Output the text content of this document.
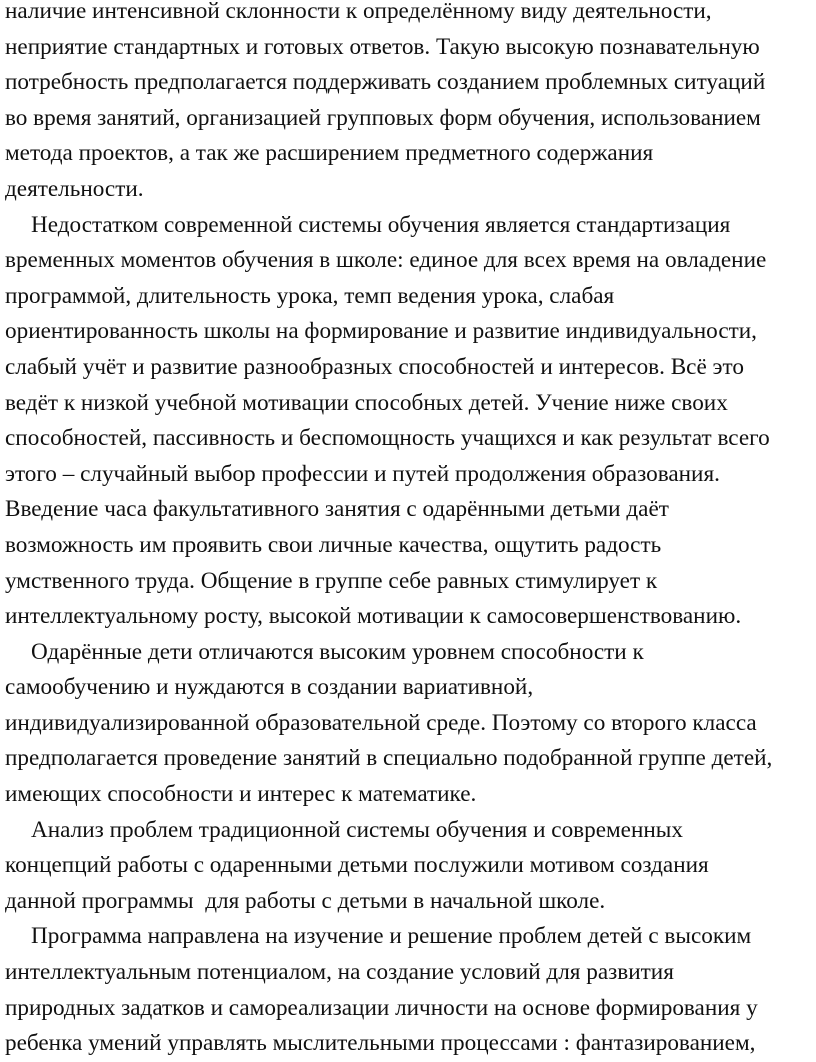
наличие интенсивной склонности к определённому виду деятельности,
неприятие стандартных и готовых ответов. Такую высокую познавательную
потребность предполагается поддерживать созданием проблемных ситуаций
во время занятий, организацией групповых форм обучения, использованием
метода проектов, а так же расширением предметного содержания
деятельности.
Недостатком современной системы обучения является стандартизация
временных моментов обучения в школе: единое для всех время на овладение
программой, длительность урока, темп ведения урока, слабая
ориентированность школы на формирование и развитие индивидуальности,
слабый учёт и развитие разнообразных способностей и интересов. Всё это
ведёт к низкой учебной мотивации способных детей. Учение ниже своих
способностей, пассивность и беспомощность учащихся и как результат всего
этого – случайный выбор профессии и путей продолжения образования.
Введение часа факультативного занятия с одарёнными детьми даёт
возможность им проявить свои личные качества, ощутить радость
умственного труда. Общение в группе себе равных стимулирует к
интеллектуальному росту, высокой мотивации к самосовершенствованию.
Одарённые дети отличаются высоким уровнем способности к
самообучению и нуждаются в создании вариативной,
индивидуализированной образовательной среде. Поэтому со второго класса
предполагается проведение занятий в специально подобранной группе детей,
имеющих способности и интерес к математике.
Анализ проблем традиционной системы обучения и современных
концепций работы с одаренными детьми послужили мотивом создания
данной программы  для работы с детьми в начальной школе.
Программа направлена на изучение и решение проблем детей с высоким
интеллектуальным потенциалом, на создание условий для развития
природных задатков и самореализации личности на основе формирования у
ребенка умений управлять мыслительными процессами : фантазированием,
